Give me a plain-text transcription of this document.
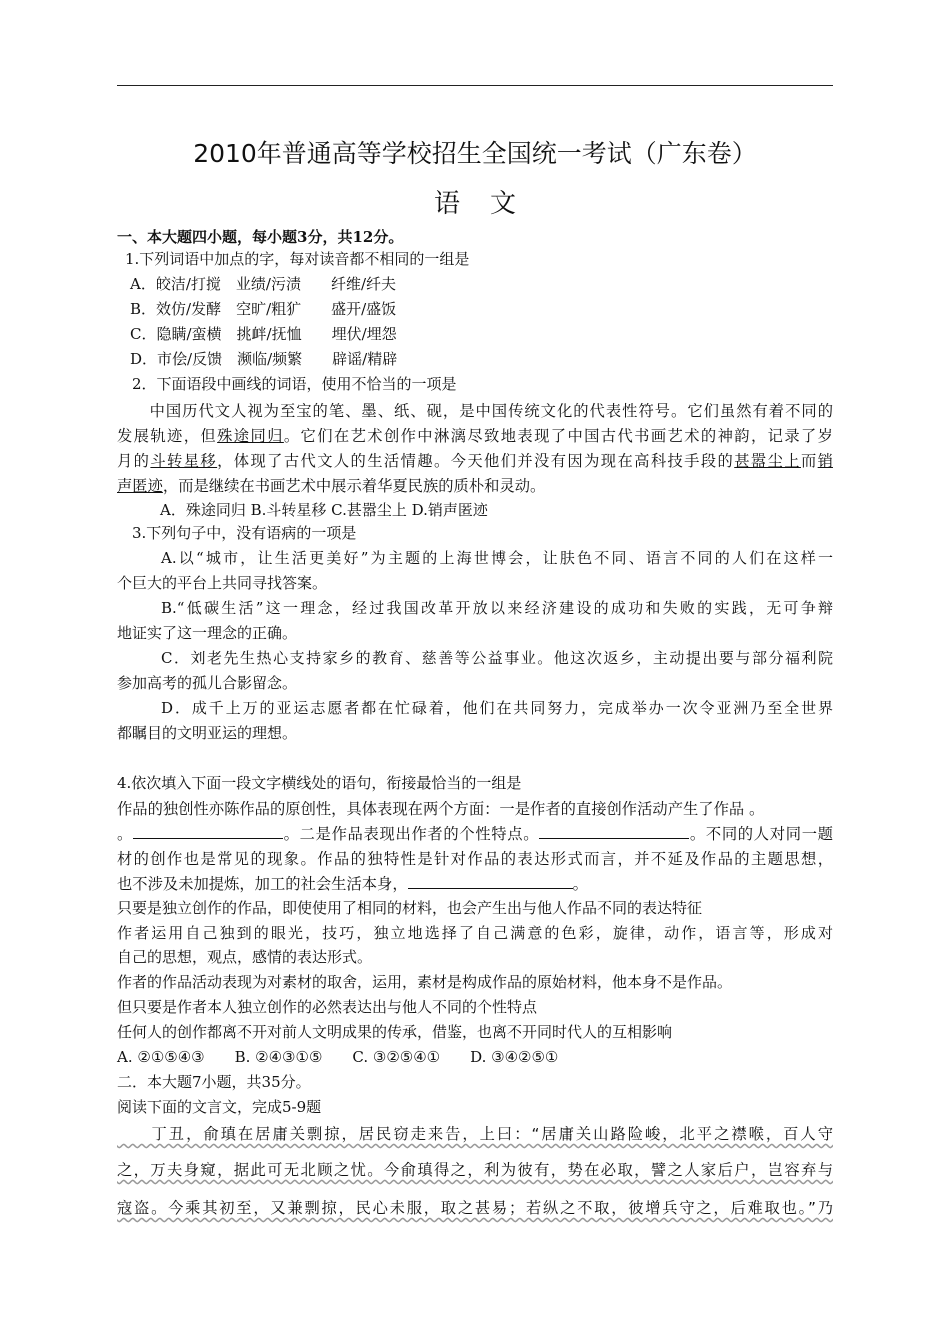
2010年普通高等学校招生全国统一考试（广东卷）
语文
一、本大题四小题，每小题3分，共12分。
1.下列词语中加点的字，每对读音都不相同的一组是
A．皎洁/打搅　业绩/污渍　　纤维/纤夫
B．效仿/发酵　空旷/粗犷　　盛开/盛饭
C．隐瞒/蛮横　挑衅/抚恤　　埋伏/埋怨
D．市侩/反馈　濒临/频繁　　辟谣/精辟
2．下面语段中画线的词语，使用不恰当的一项是
　　中国历代文人视为至宝的笔、墨、纸、砚，是中国传统文化的代表性符号。它们虽然有着不同的
发展轨迹，但殊途同归。它们在艺术创作中淋漓尽致地表现了中国古代书画艺术的神韵，记录了岁
月的斗转星移，体现了古代文人的生活情趣。今天他们并没有因为现在高科技手段的甚嚣尘上而销
声匿迹，而是继续在书画艺术中展示着华夏民族的质朴和灵动。
A．殊途同归 B.斗转星移 C.甚嚣尘上 D.销声匿迹
3.下列句子中，没有语病的一项是
A.以“城市，让生活更美好”为主题的上海世博会，让肤色不同、语言不同的人们在这样一
个巨大的平台上共同寻找答案。
B.“低碳生活”这一理念，经过我国改革开放以来经济建设的成功和失败的实践，无可争辩
地证实了这一理念的正确。
C．刘老先生热心支持家乡的教育、慈善等公益事业。他这次返乡，主动提出要与部分福利院
参加高考的孤儿合影留念。
D．成千上万的亚运志愿者都在忙碌着，他们在共同努力，完成举办一次令亚洲乃至全世界
都瞩目的文明亚运的理想。
4.依次填入下面一段文字横线处的语句，衔接最恰当的一组是
作品的独创性亦陈作品的原创性，具体表现在两个方面：一是作者的直接创作活动产生了作品 。
。	。二是作品表现出作者的个性特点。	。不同的人对同一题
材的创作也是常见的现象。作品的独特性是针对作品的表达形式而言，并不延及作品的主题思想，
也不涉及未加提炼，加工的社会生活本身，	。
只要是独立创作的作品，即使使用了相同的材料，也会产生出与他人作品不同的表达特征
作者运用自己独到的眼光，技巧，独立地选择了自己满意的色彩，旋律，动作，语言等，形成对
自己的思想，观点，感情的表达形式。
作者的作品活动表现为对素材的取舍，运用，素材是构成作品的原始材料，他本身不是作品。
但只要是作者本人独立创作的必然表达出与他人不同的个性特点
任何人的创作都离不开对前人文明成果的传承，借鉴，也离不开同时代人的互相影响
A. ②①⑤④③　　B. ②④③①⑤　　C. ③②⑤④①　　D. ③④②⑤①
二．本大题7小题，共35分。
阅读下面的文言文，完成5-9题
　　丁丑，俞瑱在居庸关剽掠，居民窃走来告，上曰：“居庸关山路险峻，北平之襟喉，百人守
之，万夫身窥，据此可无北顾之忧。今俞瑱得之，利为彼有，势在必取，譬之人家后户，岂容弃与
寇盗。今乘其初至，又兼剽掠，民心未服，取之甚易；若纵之不取，彼增兵守之，后难取也。”乃
